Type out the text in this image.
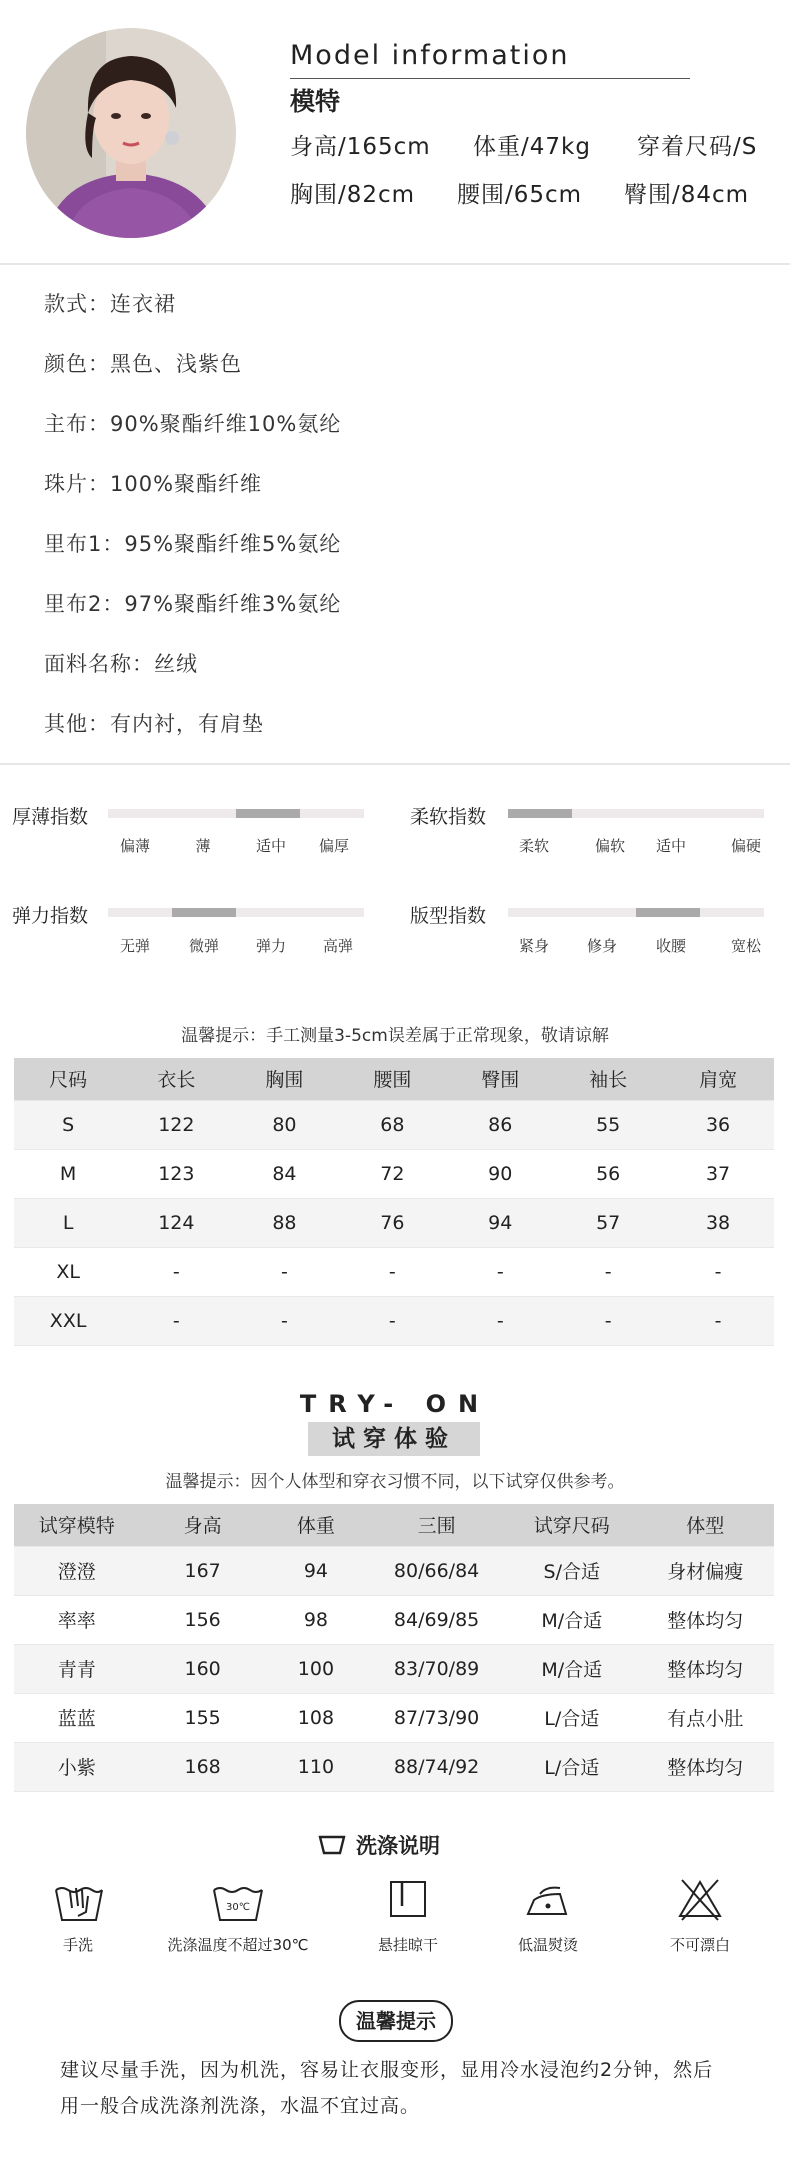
Model information
模特
身高/165cm 体重/47kg 穿着尺码/S
胸围/82cm 腰围/65cm 臀围/84cm
款式：连衣裙
颜色：黑色、浅紫色
主布：90%聚酯纤维10%氨纶
珠片：100%聚酯纤维
里布1：95%聚酯纤维5%氨纶
里布2：97%聚酯纤维3%氨纶
面料名称：丝绒
其他：有内衬，有肩垫
厚薄指数
偏薄	薄	适中	偏厚
柔软指数
柔软	偏软	适中	偏硬
弹力指数
无弹	微弹	弹力	高弹
版型指数
紧身	修身	收腰	宽松
温馨提示：手工测量3-5cm误差属于正常现象，敬请谅解
尺码	衣长	胸围	腰围	臀围	袖长	肩宽
S	122	80	68	86	55	36
M	123	84	72	90	56	37
L	124	88	76	94	57	38
XL	-	-	-	-	-	-
XXL	-	-	-	-	-	-
TRY- ON
试穿体验
温馨提示：因个人体型和穿衣习惯不同，以下试穿仅供参考。
试穿模特	身高	体重	三围	试穿尺码	体型
澄澄	167	94	80/66/84	S/合适	身材偏瘦
率率	156	98	84/69/85	M/合适	整体均匀
青青	160	100	83/70/89	M/合适	整体均匀
蓝蓝	155	108	87/73/90	L/合适	有点小肚
小紫	168	110	88/74/92	L/合适	整体均匀
洗涤说明
手洗
30℃
洗涤温度不超过30℃	悬挂晾干	低温熨烫	不可漂白
温馨提示
建议尽量手洗，因为机洗，容易让衣服变形，显用冷水浸泡约2分钟，然后
用一般合成洗涤剂洗涤，水温不宜过高。
